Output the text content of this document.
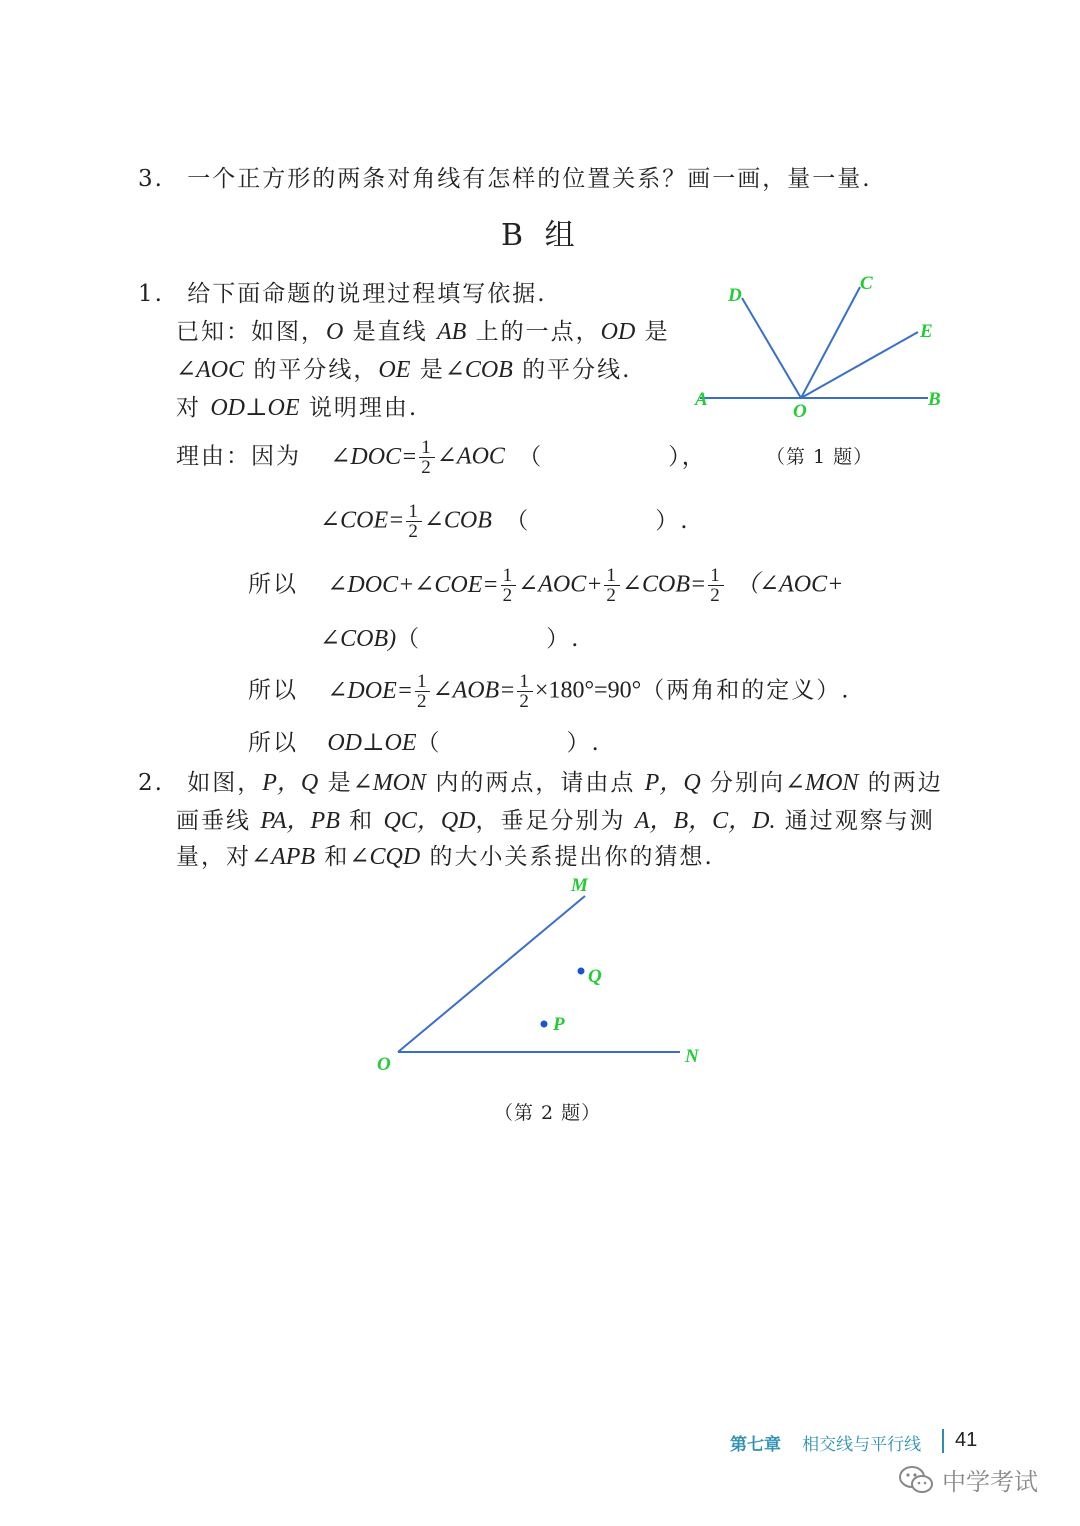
3. 一个正方形的两条对角线有怎样的位置关系？画一画，量一量.
B 组
1. 给下面命题的说理过程填写依据.
已知：如图，O 是直线 AB 上的一点，OD 是
∠AOC 的平分线，OE 是∠COB 的平分线.
对 OD⊥OE 说明理由.
理由：因为 ∠DOC= $\frac{1}{2}$ ∠AOC （　　　　　），
∠COE= $\frac{1}{2}$ ∠COB （　　　　　）.
所以 ∠DOC+∠COE= $\frac{1}{2}$ ∠AOC+ $\frac{1}{2}$ ∠COB= $\frac{1}{2}$ （∠AOC+
∠COB)（　　　　　）.
所以 ∠DOE= $\frac{1}{2}$ ∠AOB= $\frac{1}{2} \times 180^\circ=90^\circ$（两角和的定义）.
所以 OD⊥OE（　　　　　）.
D
C
E
A
O
B
（第 1 题）
2. 如图，P，Q 是∠MON 内的两点，请由点 P，Q 分别向∠MON 的两边
画垂线 PA，PB 和 QC，QD，垂足分别为 A，B，C，D. 通过观察与测
量，对∠APB 和∠CQD 的大小关系提出你的猜想.
M
Q
P
O	N
（第 2 题）
第七章 相交线与平行线 41
中学考试
